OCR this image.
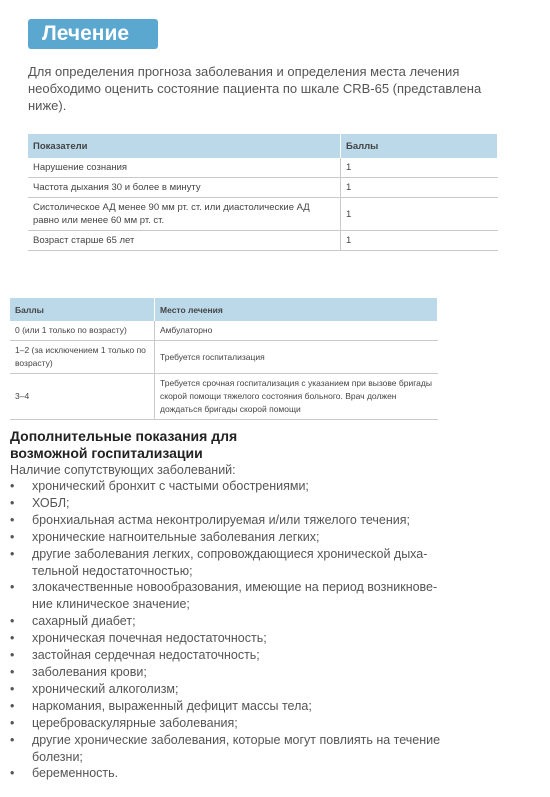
Лечение

Для определения прогноза заболевания и определения места лечения необходимо оценить состояние пациента по шкале CRB-65 (представлена ниже).

Показатели	Баллы
Нарушение сознания	1
Частота дыхания 30 и более в минуту	1
Систолическое АД менее 90 мм рт. ст. или диастолические АД равно или менее 60 мм рт. ст.	1
Возраст старше 65 лет	1
Баллы	Место лечения
0 (или 1 только по возрасту)	Амбулаторно
1–2 (за исключением 1 только по возрасту)	Требуется госпитализация
3–4	Требуется срочная госпитализация с указанием при вызове бригады скорой помощи тяжелого состояния больного. Врач должен дождаться бригады скорой помощи
Дополнительные показания для возможной госпитализации
Наличие сопутствующих заболеваний:
• хронический бронхит с частыми обострениями;
• ХОБЛ;
• бронхиальная астма неконтролируемая и/или тяжелого течения;
• хронические нагноительные заболевания легких;
• другие заболевания легких, сопровождающиеся хронической дыха-тельной недостаточностью;
• злокачественные новообразования, имеющие на период возникнове-ние клиническое значение;
• сахарный диабет;
• хроническая почечная недостаточность;
• застойная сердечная недостаточность;
• заболевания крови;
• хронический алкоголизм;
• наркомания, выраженный дефицит массы тела;
• цереброваскулярные заболевания;
• другие хронические заболевания, которые могут повлиять на течение болезни;
• беременность.
